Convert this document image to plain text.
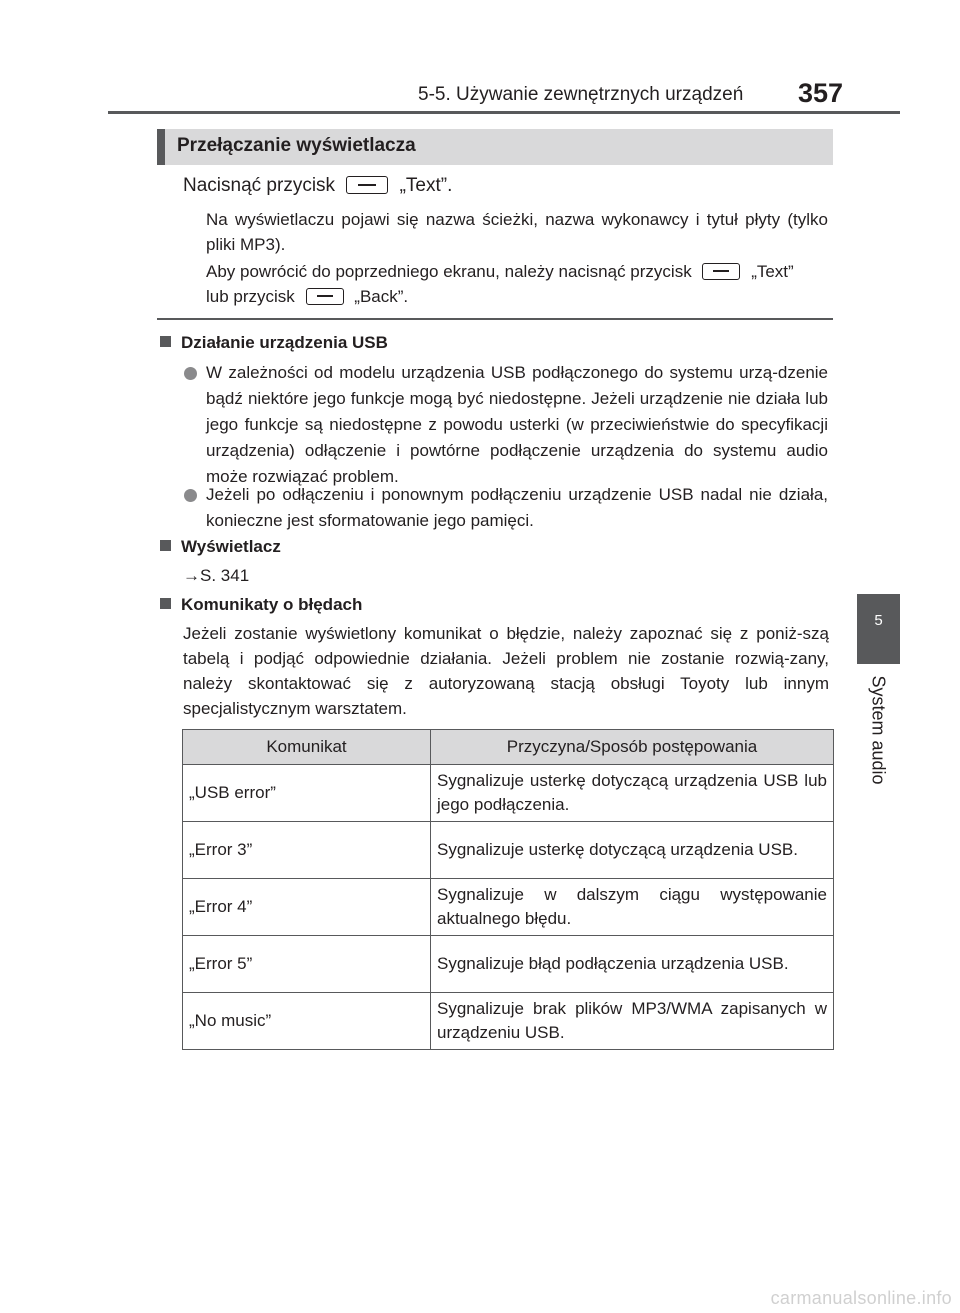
5-5. Używanie zewnętrznych urządzeń 357
5
System audio
Przełączanie wyświetlacza
Nacisnąć przycisk	„Text”.
Na wyświetlaczu pojawi się nazwa ścieżki, nazwa wykonawcy i tytuł płyty (tylko pliki MP3).
Aby powrócić do poprzedniego ekranu, należy nacisnąć przycisk	„Text”
lub przycisk	„Back”.
Działanie urządzenia USB
W zależności od modelu urządzenia USB podłączonego do systemu urzą-dzenie bądź niektóre jego funkcje mogą być niedostępne. Jeżeli urządzenie nie działa lub jego funkcje są niedostępne z powodu usterki (w przeciwieństwie do specyfikacji urządzenia) odłączenie i powtórne podłączenie urządzenia do systemu audio może rozwiązać problem.
Jeżeli po odłączeniu i ponownym podłączeniu urządzenie USB nadal nie działa, konieczne jest sformatowanie jego pamięci.
Wyświetlacz
→S. 341
Komunikaty o błędach
Jeżeli zostanie wyświetlony komunikat o błędzie, należy zapoznać się z poniż-szą tabelą i podjąć odpowiednie działania. Jeżeli problem nie zostanie rozwią-zany, należy skontaktować się z autoryzowaną stacją obsługi Toyoty lub innym specjalistycznym warsztatem.
Komunikat	Przyczyna/Sposób postępowania
„USB error”	Sygnalizuje usterkę dotyczącą urządzenia USB lub jego podłączenia.
„Error 3”	Sygnalizuje usterkę dotyczącą urządzenia USB.
„Error 4”	Sygnalizuje w dalszym ciągu występowanie aktualnego błędu.
„Error 5”	Sygnalizuje błąd podłączenia urządzenia USB.
„No music”	Sygnalizuje brak plików MP3/WMA zapisanych w urządzeniu USB.
carmanualsonline.info
